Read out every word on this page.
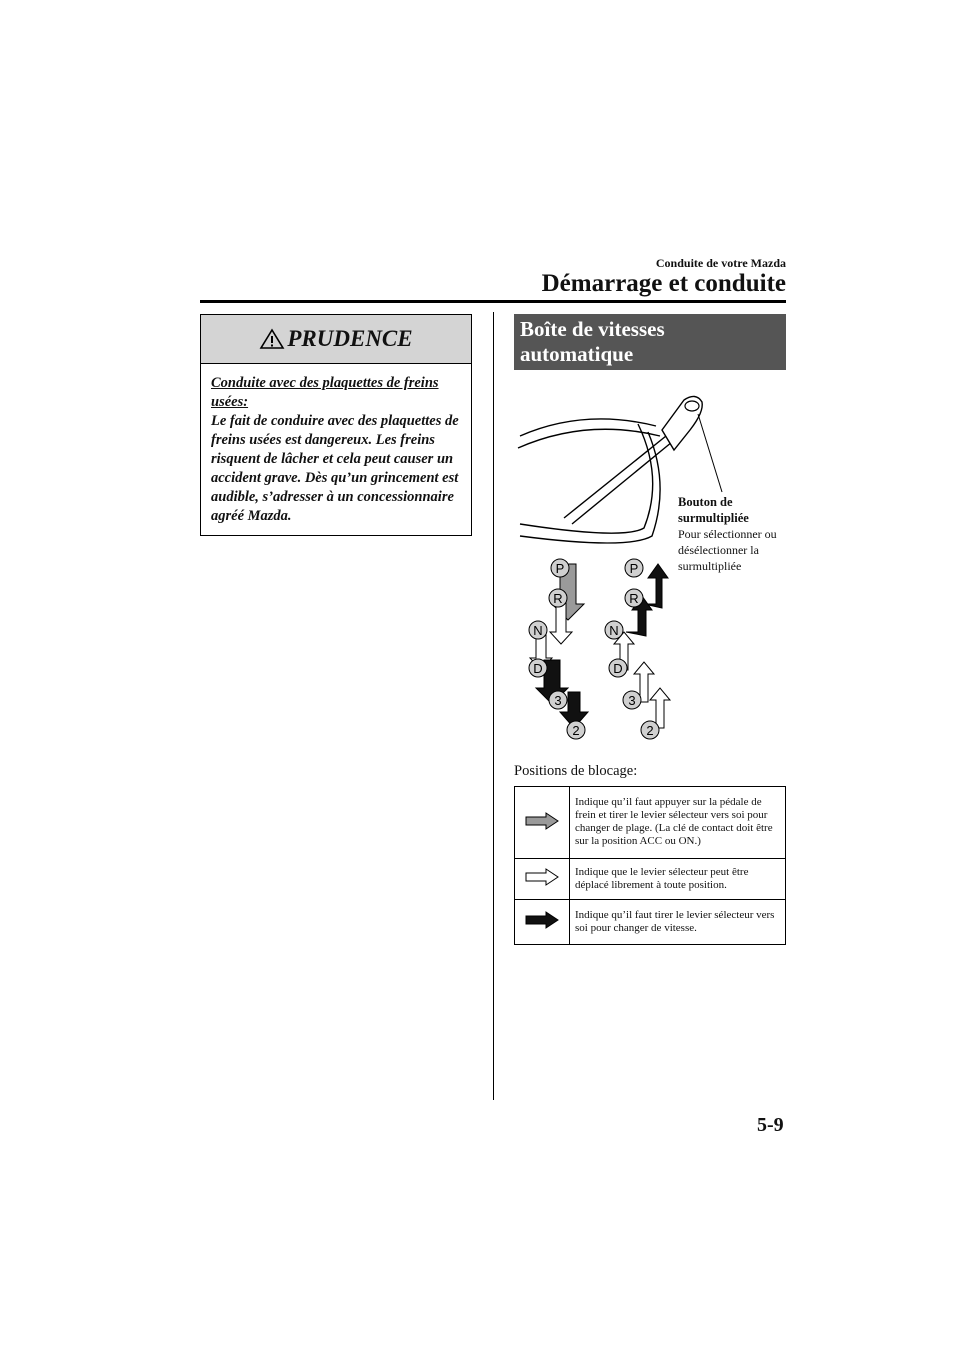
Conduite de votre Mazda
Démarrage et conduite
PRUDENCE
Conduite avec des plaquettes de freins usées:
Le fait de conduire avec des plaquettes de freins usées est dangereux. Les freins risquent de lâcher et cela peut causer un accident grave. Dès qu’un grincement est audible, s’adresser à un concessionnaire agréé Mazda.
Boîte de vitesses
automatique
P
R
N
D
3
2
P
R
N
D
3
2
Bouton de surmultipliée
Pour sélectionner ou désélectionner la surmultipliée
Positions de blocage:
	Indique qu’il faut appuyer sur la pédale de frein et tirer le levier sélecteur vers soi pour changer de plage. (La clé de contact doit être sur la position ACC ou ON.)
	Indique que le levier sélecteur peut être déplacé librement à toute position.
	Indique qu’il faut tirer le levier sélecteur vers soi pour changer de vitesse.
5-9
